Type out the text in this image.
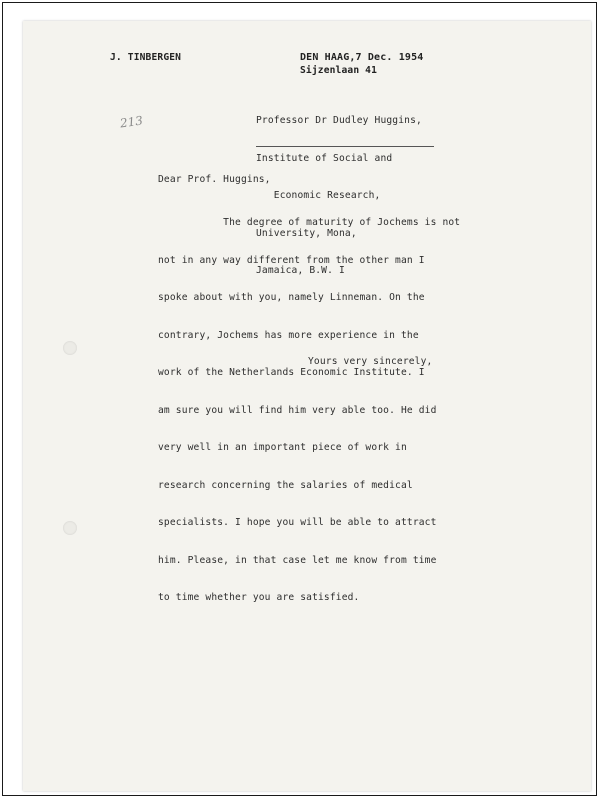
J. TINBERGEN	DEN HAAG,7 Dec. 1954
Sijzenlaan 41
213

	Professor Dr Dudley Huggins,

Institute of Social and

Economic Research,

University, Mona,

Jamaica, B.W. I

Dear Prof. Huggins,

The degree of maturity of Jochems is not

not in any way different from the other man I

spoke about with you, namely Linneman. On the

contrary, Jochems has more experience in the

work of the Netherlands Economic Institute. I

am sure you will find him very able too. He did

very well in an important piece of work in

research concerning the salaries of medical

specialists. I hope you will be able to attract

him. Please, in that case let me know from time

to time whether you are satisfied.

Yours very sincerely,
